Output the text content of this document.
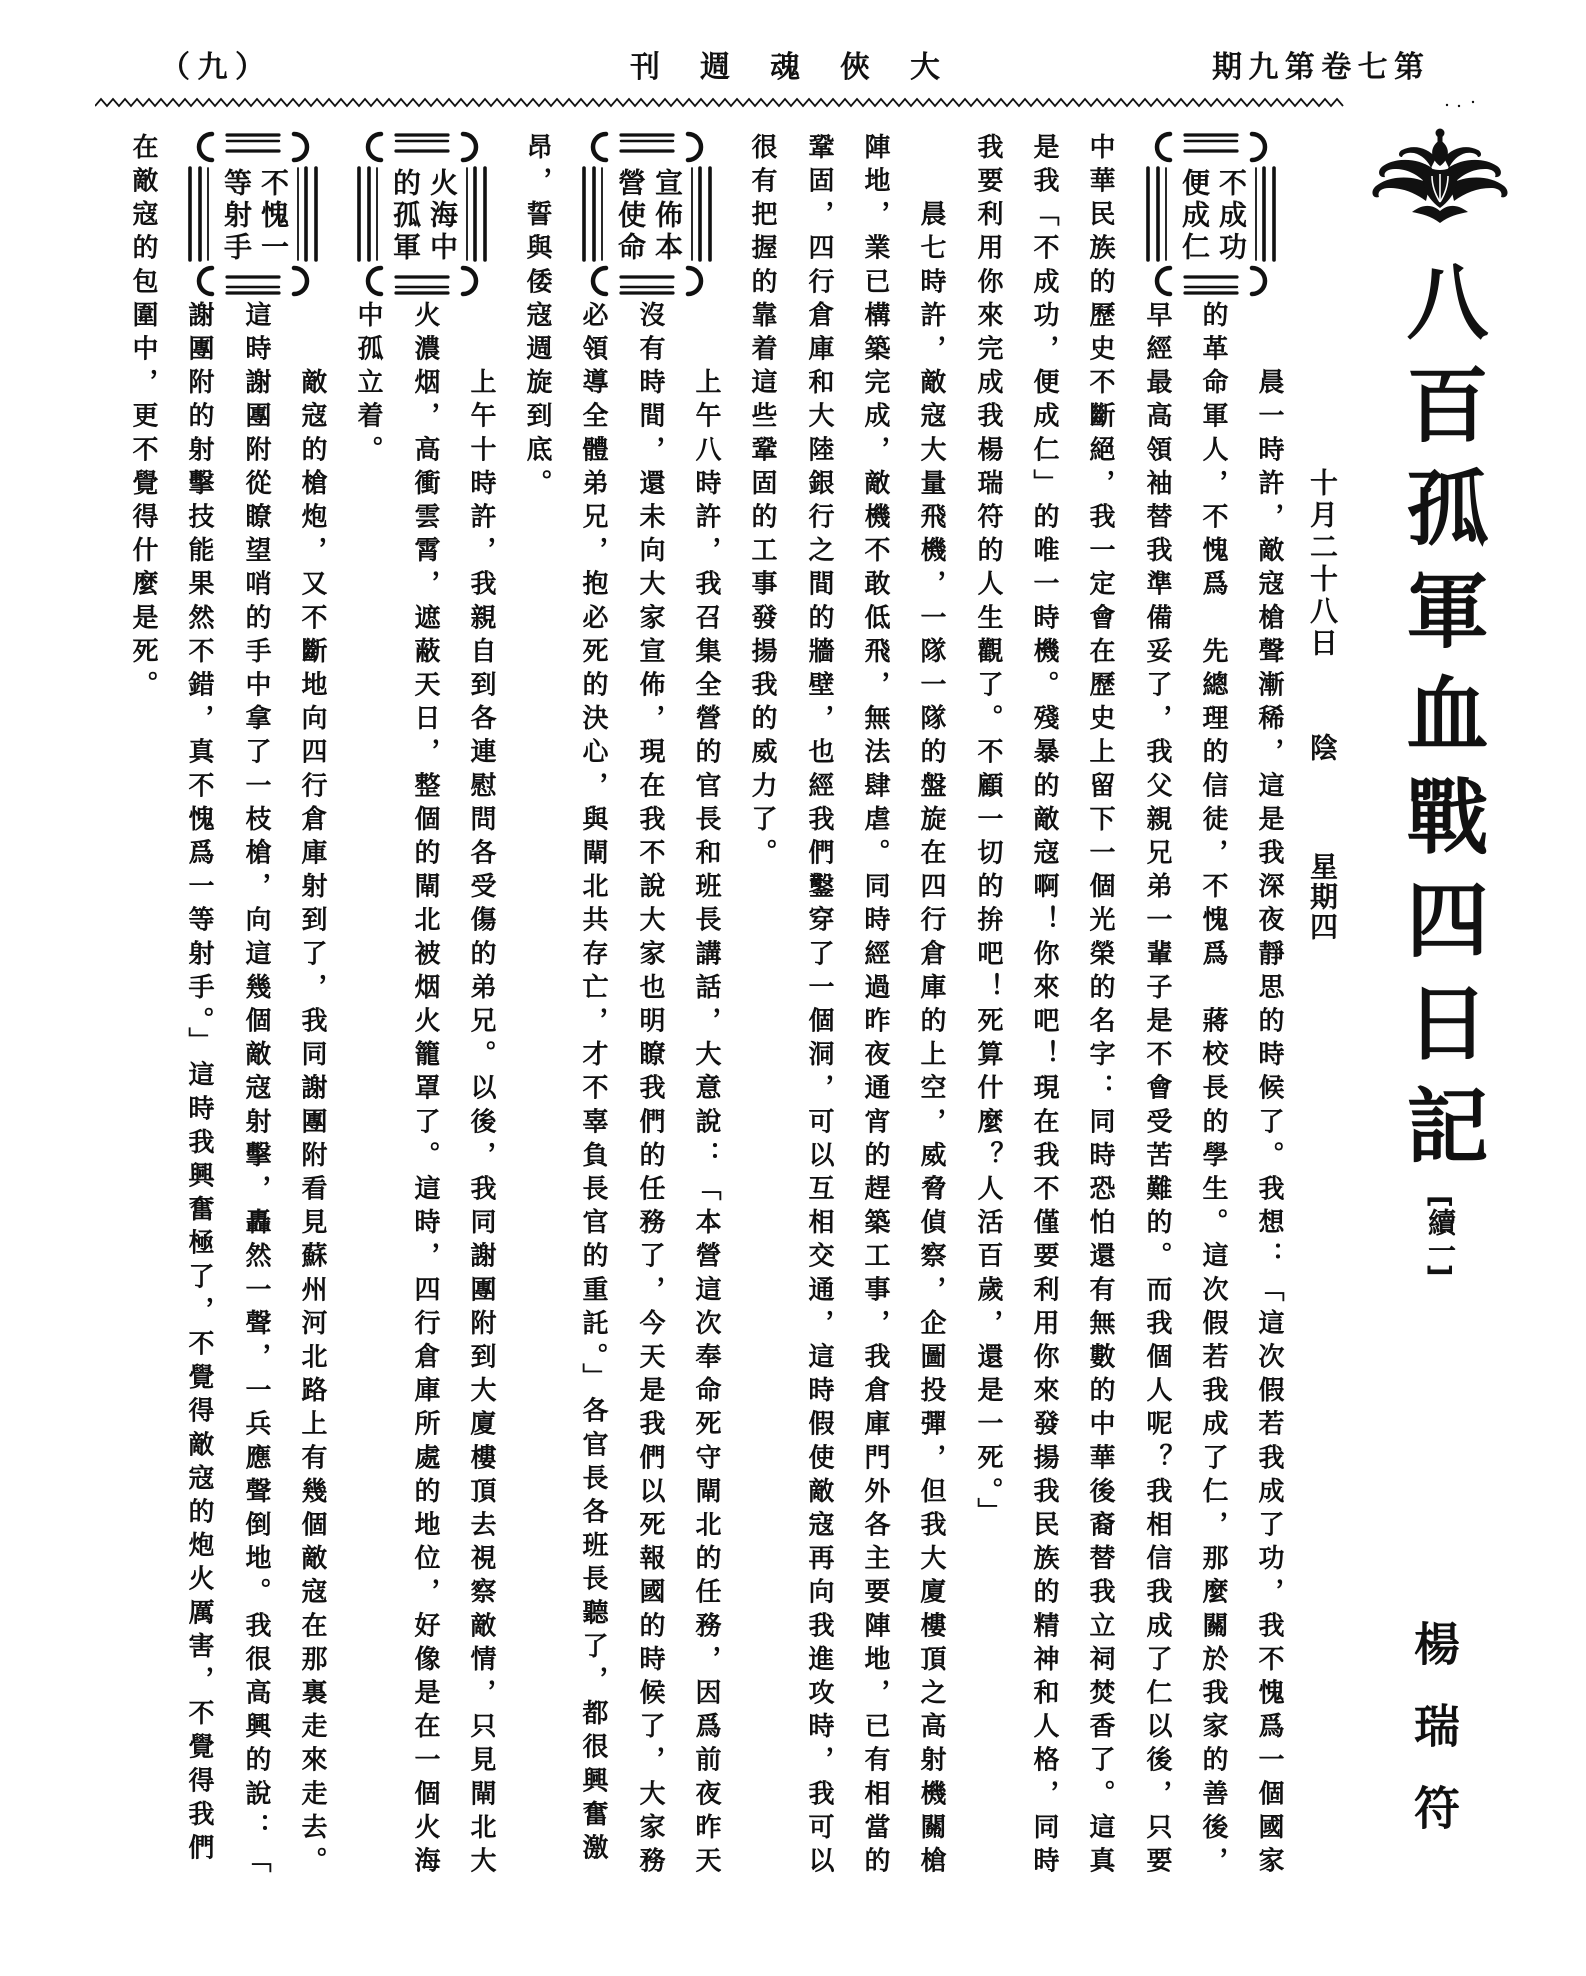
（九）	大俠魂週刊	第七卷第九期
八百孤軍血戰四日記
[續一]
楊瑞符
十月二十八日
陰
星期四
不成功
便成仁
宣佈本
營使命
火海中
的孤軍
不愧一
等射手
　　晨一時許，敵寇槍聲漸稀，這是我深夜靜思的時候了。我想：「這次假若我成了功，我不愧爲一個國家
的革命軍人，不愧爲　先總理的信徒，不愧爲　蔣校長的學生。這次假若我成了仁，那麼關於我家的善後，
早經最高領袖替我準備妥了，我父親兄弟一輩子是不會受苦難的。而我個人呢？我相信我成了仁以後，只要
中華民族的歷史不斷絕，我一定會在歷史上留下一個光榮的名字：同時恐怕還有無數的中華後裔替我立祠焚香了。這真
是我「不成功，便成仁」的唯一時機。殘暴的敵寇啊！你來吧！現在我不僅要利用你來發揚我民族的精神和人格，同時
我要利用你來完成我楊瑞符的人生觀了。不顧一切的拚吧！死算什麼？人活百歲，還是一死。」
　　晨七時許，敵寇大量飛機，一隊一隊的盤旋在四行倉庫的上空，威脅偵察，企圖投彈，但我大廈樓頂之高射機關槍
陣地，業已構築完成，敵機不敢低飛，無法肆虐。同時經過昨夜通宵的趕築工事，我倉庫門外各主要陣地，已有相當的
鞏固，四行倉庫和大陸銀行之間的牆壁，也經我們鑿穿了一個洞，可以互相交通，這時假使敵寇再向我進攻時，我可以
很有把握的靠着這些鞏固的工事發揚我的威力了。
　　上午八時許，我召集全營的官長和班長講話，大意說：「本營這次奉命死守閘北的任務，因爲前夜昨天
沒有時間，還未向大家宣佈，現在我不說大家也明瞭我們的任務了，今天是我們以死報國的時候了，大家務
必領導全體弟兄，抱必死的決心，與閘北共存亡，才不辜負長官的重託。」各官長各班長聽了，都很興奮激
昂，誓與倭寇週旋到底。
　　上午十時許，我親自到各連慰問各受傷的弟兄。以後，我同謝團附到大廈樓頂去視察敵情，只見閘北大
火濃烟，高衝雲霄，遮蔽天日，整個的閘北被烟火籠罩了。這時，四行倉庫所處的地位，好像是在一個火海
中孤立着。
　　敵寇的槍炮，又不斷地向四行倉庫射到了，我同謝團附看見蘇州河北路上有幾個敵寇在那裏走來走去。
這時謝團附從瞭望哨的手中拿了一枝槍，向這幾個敵寇射擊，轟然一聲，一兵應聲倒地。我很高興的說：「
謝團附的射擊技能果然不錯，真不愧爲一等射手。」這時我興奮極了，不覺得敵寇的炮火厲害，不覺得我們
在敵寇的包圍中，更不覺得什麼是死。
